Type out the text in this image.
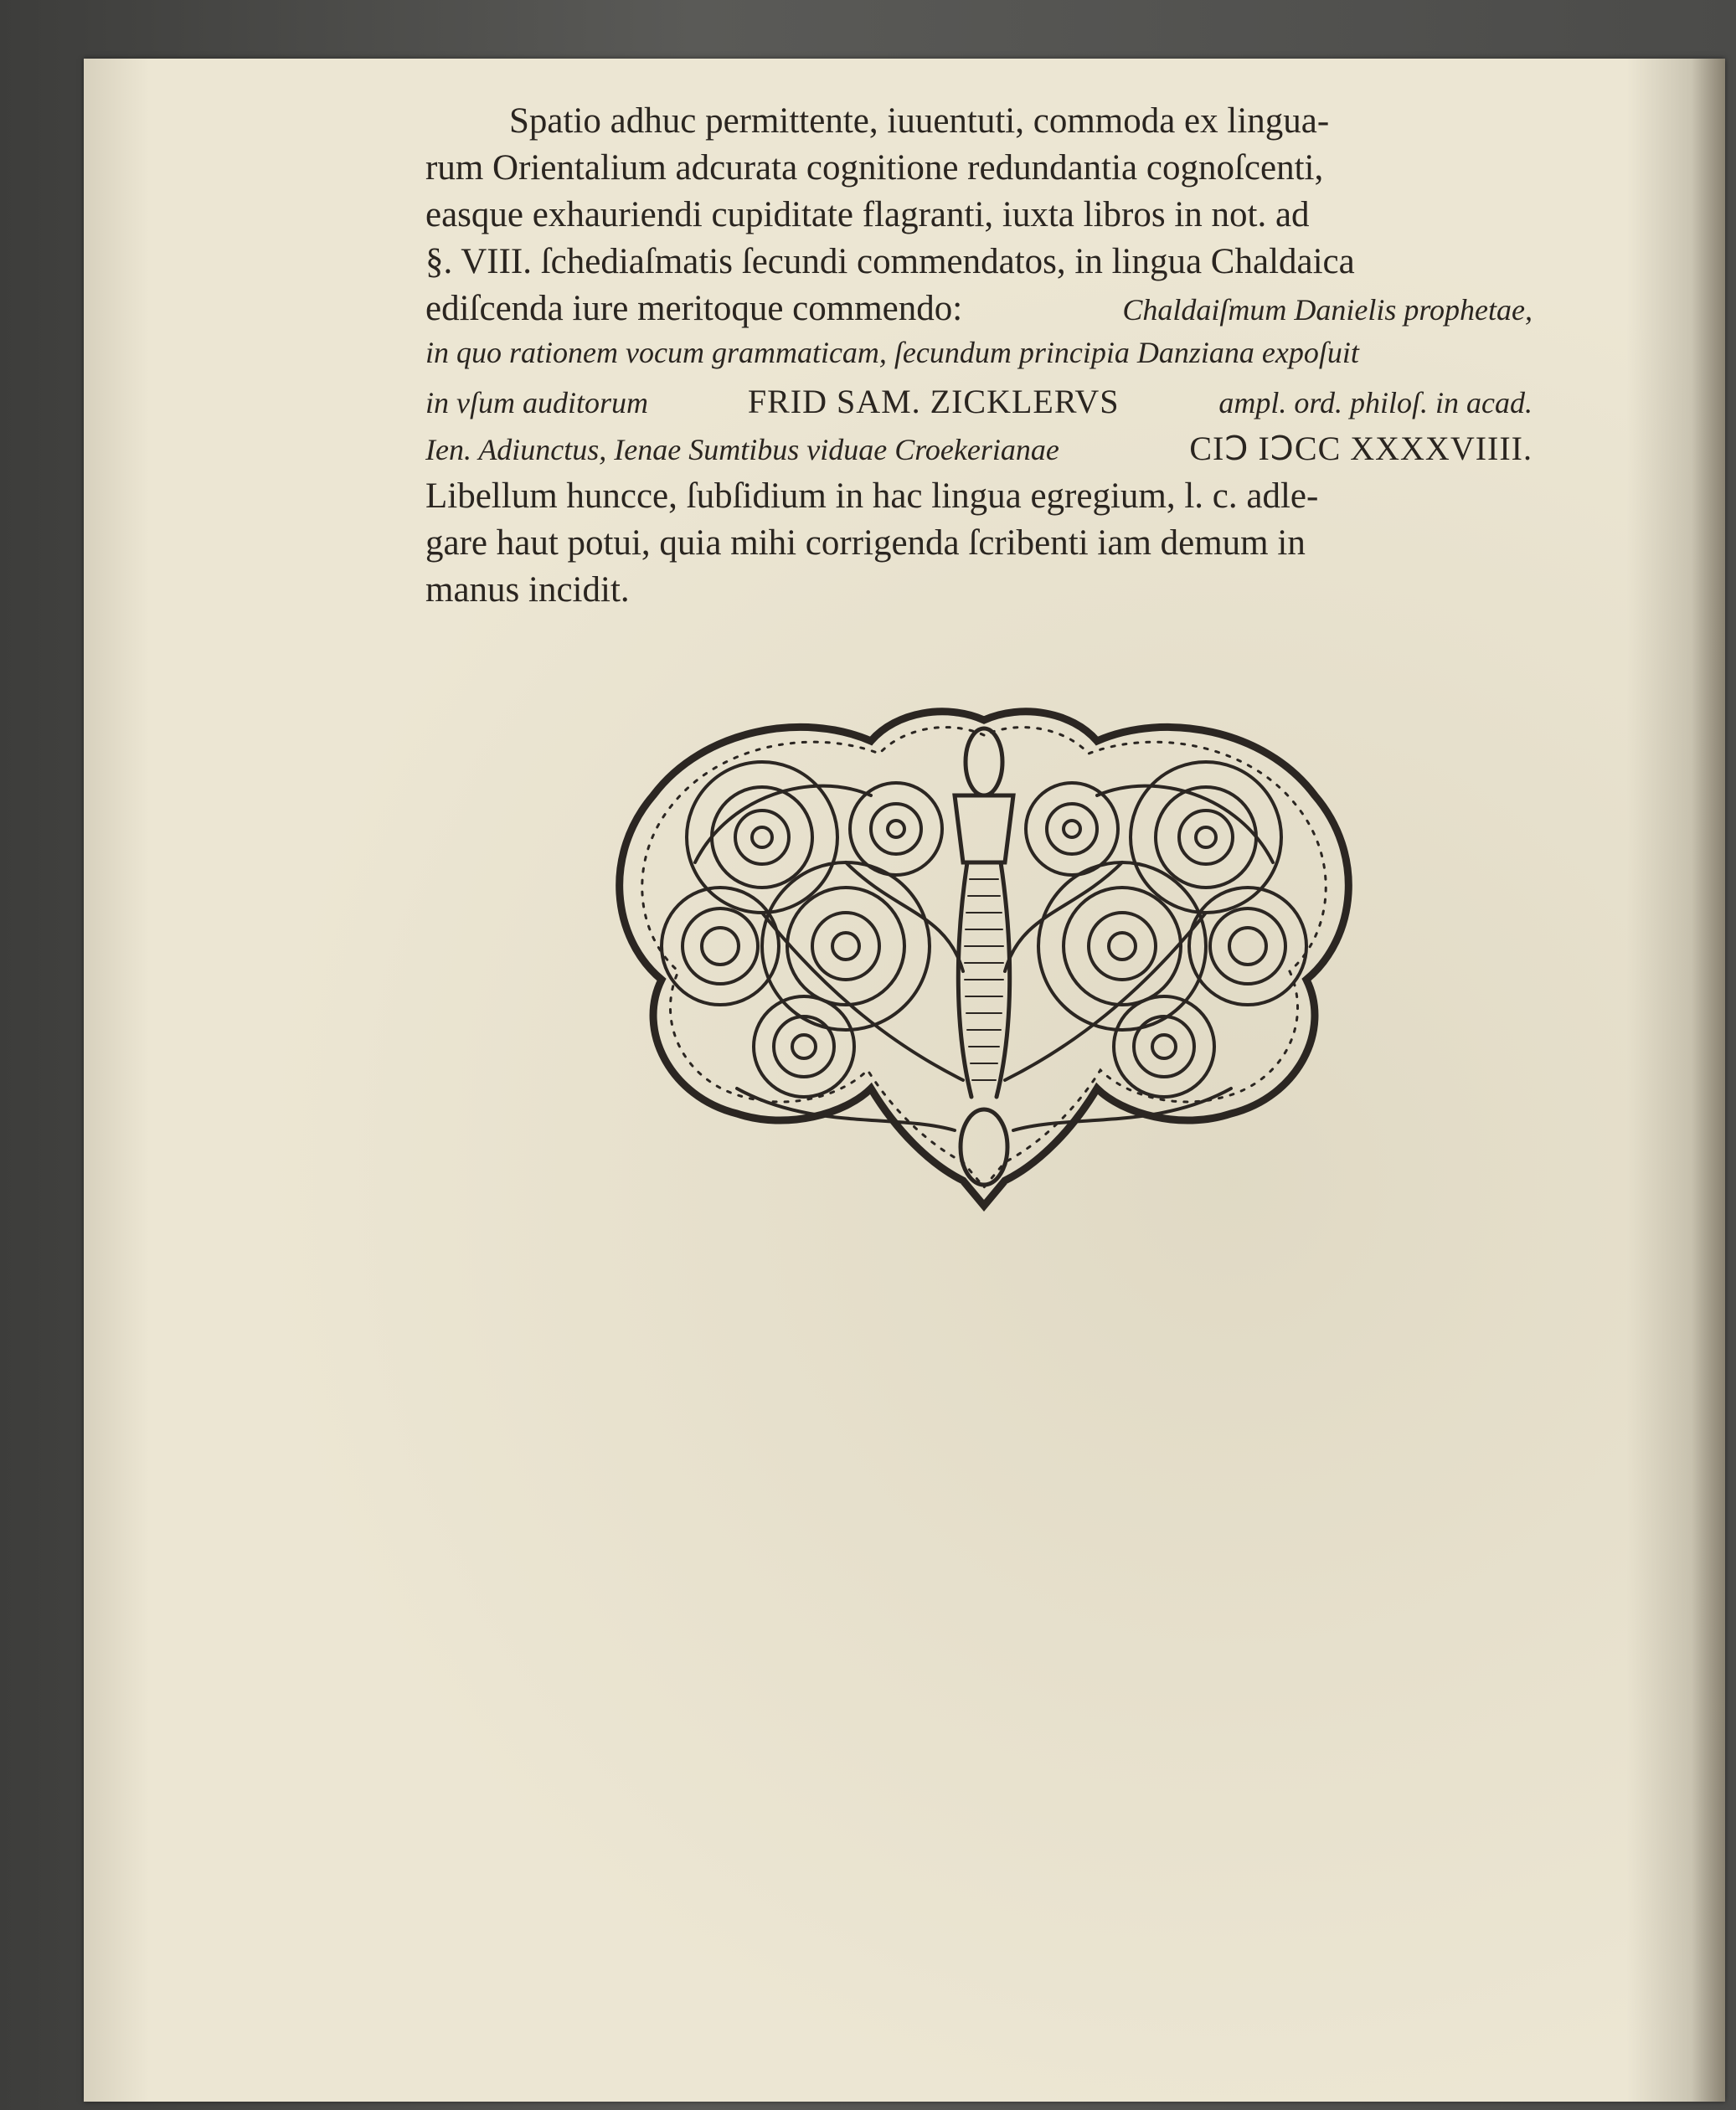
Spatio adhuc permittente, iuuentuti, commoda ex lingua-
rum Orientalium adcurata cognitione redundantia cognoſcenti,
easque exhauriendi cupiditate flagranti, iuxta libros in not. ad
§. VIII. ſchediaſmatis ſecundi commendatos, in lingua Chaldaica
ediſcenda iure meritoque commendo:	Chaldaiſmum Danielis prophetae,
in quo rationem vocum grammaticam, ſecundum principia Danziana expoſuit
in vſum auditorum	FRID SAM. ZICKLERVS	ampl. ord. philoſ. in acad.
Ien. Adiunctus, Ienae Sumtibus viduae Croekerianae	CIↃ IↃCC XXXXVIIII.
Libellum huncce, ſubſidium in hac lingua egregium, l. c. adle-
gare haut potui, quia mihi corrigenda ſcribenti iam demum in
manus incidit.
